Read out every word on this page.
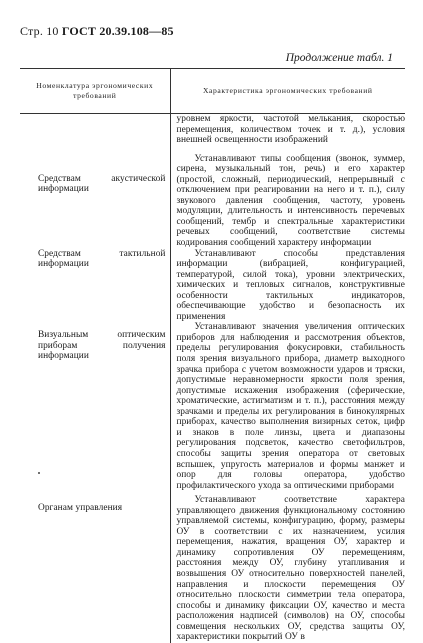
Стр. 10 ГОСТ 20.39.108—85
Продолжение табл. 1
Номенклатура эргономических требований	Характеристика эргономических требований

	уровнем яркости, частотой мелькания, скоростью перемещения, количеством точек и т. д.), условия внешней освещенности изображений

Средствам акустической информации	Устанавливают типы сообщения (звонок, зуммер, сирена, музыкальный тон, речь) и его характер (простой, сложный, периодический, непрерывный с отключением при реагировании на него и т. п.), силу звукового давления сообщения, частоту, уровень модуляции, длительность и интенсивность перечевых сообщений, тембр и спектральные характеристики речевых сообщений, соответствие системы кодирования сообщений характеру информации

Средствам тактильной информации	Устанавливают способы представления информации (вибрацией, конфигурацией, температурой, силой тока), уровни электрических, химических и тепловых сигналов, конструктивные особенности тактильных индикаторов, обеспечивающие удобство и безопасность их применения

Визуальным оптическим приборам получения информации	Устанавливают значения увеличения оптических приборов для наблюдения и рассмотрения объектов, пределы регулирования фокусировки, стабильность поля зрения визуального прибора, диаметр выходного зрачка прибора с учетом возможности ударов и тряски, допустимые неравномерности яркости поля зрения, допустимые искажения изображения (сферические, хроматические, астигматизм и т. п.), расстояния между зрачками и пределы их регулирования в бинокулярных приборах, качество выполнения визирных сеток, цифр и знаков в поле линзы, цвета и диапазоны регулирования подсветок, качество светофильтров, способы защиты зрения оператора от световых вспышек, упругость материалов и формы манжет и опор для головы оператора, удобство профилактического ухода за оптическими приборами

Органам управления	Устанавливают соответствие характера управляющего движения функциональному состоянию управляемой системы, конфигурацию, форму, размеры ОУ в соответствии с их назначением, усилия перемещения, нажатия, вращения ОУ, характер и динамику сопротивления ОУ перемещениям, расстояния между ОУ, глубину утапливания и возвышения ОУ относительно поверхностей панелей, направления и плоскости перемещения ОУ относительно плоскости симметрии тела оператора, способы и динамику фиксации ОУ, качество и места расположения надписей (символов) на ОУ, способы совмещения нескольких ОУ, средства защиты ОУ, характеристики покрытий ОУ в
